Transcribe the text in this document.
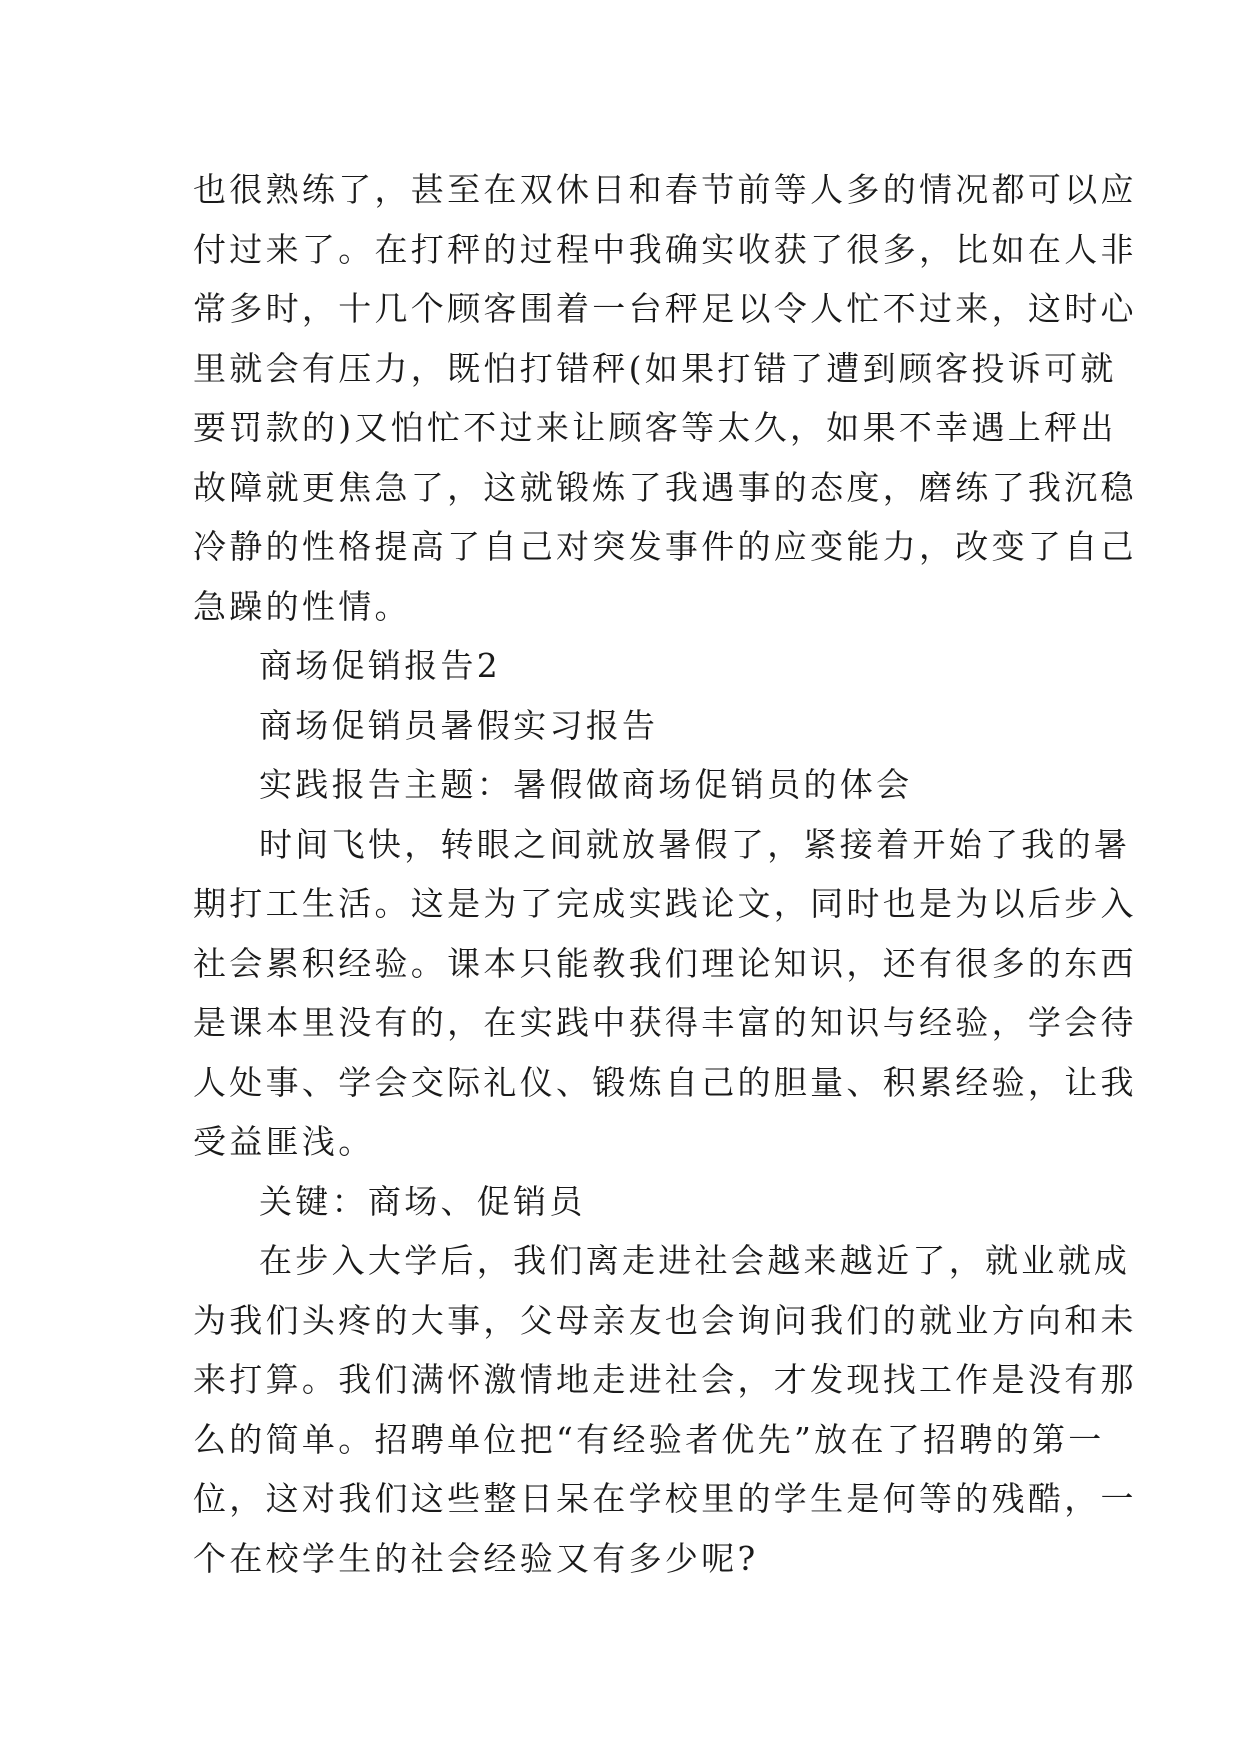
也很熟练了，甚至在双休日和春节前等人多的情况都可以应
付过来了。在打秤的过程中我确实收获了很多，比如在人非
常多时，十几个顾客围着一台秤足以令人忙不过来，这时心
里就会有压力，既怕打错秤(如果打错了遭到顾客投诉可就
要罚款的)又怕忙不过来让顾客等太久，如果不幸遇上秤出
故障就更焦急了，这就锻炼了我遇事的态度，磨练了我沉稳
冷静的性格提高了自己对突发事件的应变能力，改变了自己
急躁的性情。
商场促销报告2
商场促销员暑假实习报告
实践报告主题：暑假做商场促销员的体会
时间飞快，转眼之间就放暑假了，紧接着开始了我的暑
期打工生活。这是为了完成实践论文，同时也是为以后步入
社会累积经验。课本只能教我们理论知识，还有很多的东西
是课本里没有的，在实践中获得丰富的知识与经验，学会待
人处事、学会交际礼仪、锻炼自己的胆量、积累经验，让我
受益匪浅。
关键：商场、促销员
在步入大学后，我们离走进社会越来越近了，就业就成
为我们头疼的大事，父母亲友也会询问我们的就业方向和未
来打算。我们满怀激情地走进社会，才发现找工作是没有那
么的简单。招聘单位把“有经验者优先”放在了招聘的第一
位，这对我们这些整日呆在学校里的学生是何等的残酷，一
个在校学生的社会经验又有多少呢?
